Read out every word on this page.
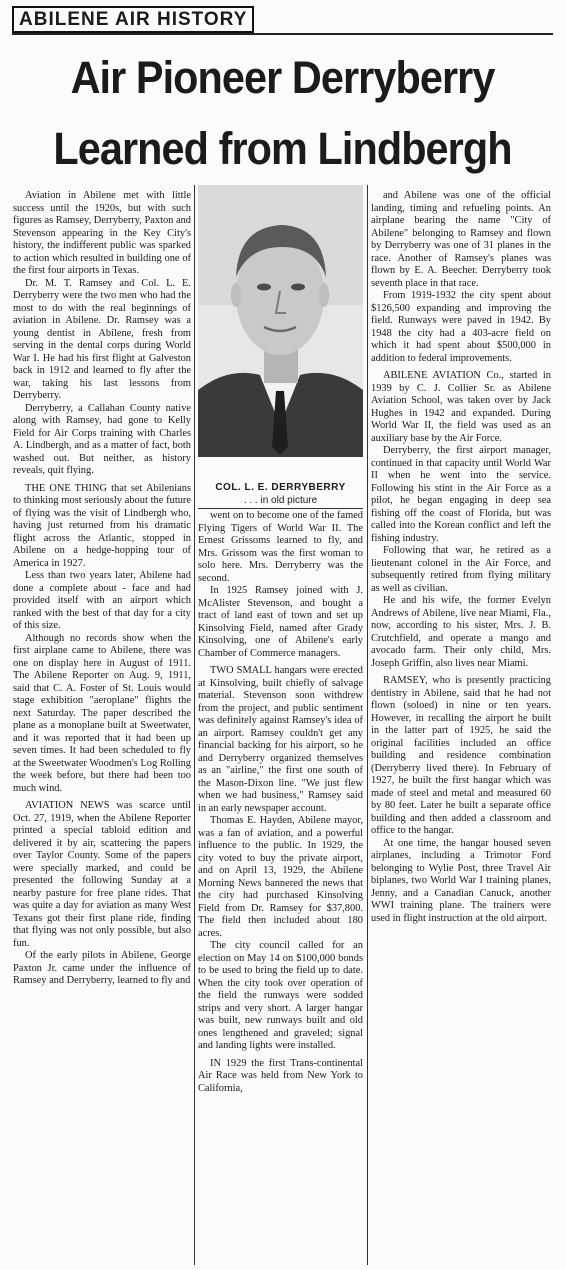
ABILENE AIR HISTORY
Air Pioneer Derryberry
Learned from Lindbergh

Aviation in Abilene met with little success until the 1920s, but with such figures as Ramsey, Derryberry, Paxton and Stevenson appearing in the Key City's history, the indifferent public was sparked to action which resulted in building one of the first four airports in Texas.

Dr. M. T. Ramsey and Col. L. E. Derryberry were the two men who had the most to do with the real beginnings of aviation in Abilene. Dr. Ramsey was a young dentist in Abilene, fresh from serving in the dental corps during World War I. He had his first flight at Galveston back in 1912 and learned to fly after the war, taking his last lessons from Derryberry.

Derryberry, a Callahan County native along with Ramsey, had gone to Kelly Field for Air Corps training with Charles A. Lindbergh, and as a matter of fact, both washed out. But neither, as history reveals, quit flying.

THE ONE THING that set Abilenians to thinking most seriously about the future of flying was the visit of Lindbergh who, having just returned from his dramatic flight across the Atlantic, stopped in Abilene on a hedge-hopping tour of America in 1927.

Less than two years later, Abilene had done a complete about - face and had provided itself with an airport which ranked with the best of that day for a city of this size.

Although no records show when the first airplane came to Abilene, there was one on display here in August of 1911. The Abilene Reporter on Aug. 9, 1911, said that C. A. Foster of St. Louis would stage exhibition "aeroplane" flights the next Saturday. The paper described the plane as a monoplane built at Sweetwater, and it was reported that it had been up seven times. It had been scheduled to fly at the Sweetwater Woodmen's Log Rolling the week before, but there had been too much wind.

AVIATION NEWS was scarce until Oct. 27, 1919, when the Abilene Reporter printed a special tabloid edition and delivered it by air, scattering the papers over Taylor County. Some of the papers were specially marked, and could be presented the following Sunday at a nearby pasture for free plane rides. That was quite a day for aviation as many West Texans got their first plane ride, finding that flying was not only possible, but also fun.

Of the early pilots in Abilene, George Paxton Jr. came under the influence of Ramsey and Derryberry, learned to fly and

COL. L. E. DERRYBERRY
. . . in old picture

went on to become one of the famed Flying Tigers of World War II. The Ernest Grissoms learned to fly, and Mrs. Grissom was the first woman to solo here. Mrs. Derryberry was the second.

In 1925 Ramsey joined with J. McAlister Stevenson, and bought a tract of land east of town and set up Kinsolving Field, named after Grady Kinsolving, one of Abilene's early Chamber of Commerce managers.

TWO SMALL hangars were erected at Kinsolving, built chiefly of salvage material. Stevenson soon withdrew from the project, and public sentiment was definitely against Ramsey's idea of an airport. Ramsey couldn't get any financial backing for his airport, so he and Derryberry organized themselves as an "airline," the first one south of the Mason-Dixon line. "We just flew when we had business," Ramsey said in an early newspaper account.

Thomas E. Hayden, Abilene mayor, was a fan of aviation, and a powerful influence to the public. In 1929, the city voted to buy the private airport, and on April 13, 1929, the Abilene Morning News bannered the news that the city had purchased Kinsolving Field from Dr. Ramsey for $37,800. The field then included about 180 acres.

The city council called for an election on May 14 on $100,000 bonds to be used to bring the field up to date. When the city took over operation of the field the runways were sodded strips and very short. A larger hangar was built, new runways built and old ones lengthened and graveled; signal and landing lights were installed.

IN 1929 the first Trans-continental Air Race was held from New York to California,

and Abilene was one of the official landing, timing and refueling points. An airplane bearing the name "City of Abilene" belonging to Ramsey and flown by Derryberry was one of 31 planes in the race. Another of Ramsey's planes was flown by E. A. Beecher. Derryberry took seventh place in that race.

From 1919-1932 the city spent about $126,500 expanding and improving the field. Runways were paved in 1942. By 1948 the city had a 403-acre field on which it had spent about $500,000 in addition to federal improvements.

ABILENE AVIATION Co., started in 1939 by C. J. Collier Sr. as Abilene Aviation School, was taken over by Jack Hughes in 1942 and expanded. During World War II, the field was used as an auxiliary base by the Air Force.

Derryberry, the first airport manager, continued in that capacity until World War II when he went into the service. Following his stint in the Air Force as a pilot, he began engaging in deep sea fishing off the coast of Florida, but was called into the Korean conflict and left the fishing industry.

Following that war, he retired as a lieutenant colonel in the Air Force, and subsequently retired from flying military as well as civilian.

He and his wife, the former Evelyn Andrews of Abilene, live near Miami, Fla., now, according to his sister, Mrs. J. B. Crutchfield, and operate a mango and avocado farm. Their only child, Mrs. Joseph Griffin, also lives near Miami.

RAMSEY, who is presently practicing dentistry in Abilene, said that he had not flown (soloed) in nine or ten years. However, in recalling the airport he built in the latter part of 1925, he said the original facilities included an office building and residence combination (Derryberry lived there). In February of 1927, he built the first hangar which was made of steel and metal and measured 60 by 80 feet. Later he built a separate office building and then added a classroom and office to the hangar.

At one time, the hangar housed seven airplanes, including a Trimotor Ford belonging to Wylie Post, three Travel Air biplanes, two World War I training planes, Jenny, and a Canadian Canuck, another WWI training plane. The trainers were used in flight instruction at the old airport.
